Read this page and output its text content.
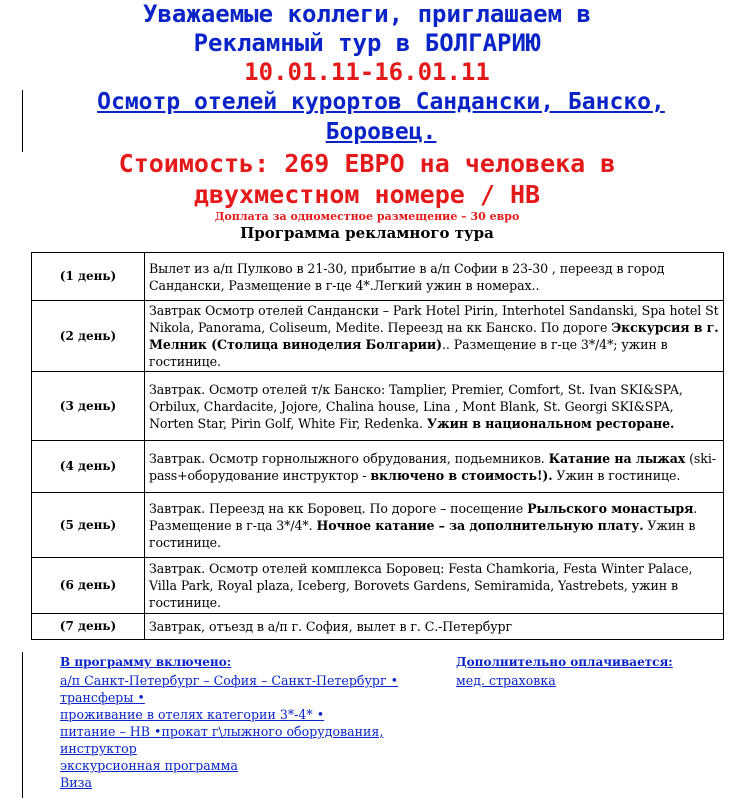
Уважаемые коллеги, приглашаем в
Рекламный тур в БОЛГАРИЮ
10.01.11-16.01.11
Осмотр отелей курортов Сандански, Банско,
Боровец.
Стоимость: 269 ЕВРО на человека в
двухместном номере / HB
Доплата за одноместное размещение – 30 евро
Программа рекламного тура
(1 день)	Вылет из а/п Пулково в 21-30, прибытие в а/п Софии в 23-30 , переезд в город Сандански, Размещение в г-це 4*.Легкий ужин в номерах..
(2 день)	Завтрак Осмотр отелей Сандански – Park Hotel Pirin, Interhotel Sandanski, Spa hotel St Nikola, Panorama, Coliseum, Medite. Переезд на кк Банско. По дороге Экскурсия в г. Мелник (Столица виноделия Болгарии).. Размещение в г-це 3*/4*; ужин в гостинице.
(3 день)	Завтрак. Осмотр отелей т/к Банско: Tamplier, Premier, Comfort, St. Ivan SKI&SPA, Orbilux, Chardacite, Jojore, Chalina house, Lina , Mont Blank, St. Georgi SKI&SPA, Norten Star, Pirin Golf, White Fir, Redenka. Ужин в национальном ресторане.
(4 день)	Завтрак. Осмотр горнолыжного обрудования, подьемников. Катание на лыжах (ski-pass+оборудование инструктор - включено в стоимость!). Ужин в гостинице.
(5 день)	Завтрак. Переезд на кк Боровец. По дороге – посещение Рыльского монастыря. Размещение в г-ца 3*/4*. Ночное катание – за дополнительную плату. Ужин в гостинице.
(6 день)	Завтрак. Осмотр отелей комплекса Боровец: Festa Chamkoria, Festa Winter Palace, Villa Park, Royal plaza, Iceberg, Borovets Gardens, Semiramida, Yastrebets, ужин в гостинице.
(7 день)	Завтрак, отъезд в а/п г. София, вылет в г. С.-Петербург
В программу включено:
а/п Санкт-Петербург – София – Санкт-Петербург •
трансферы •
проживание в отелях категории 3*-4* •
питание – HB •прокат г\лыжного оборудования, инструктор
экскурсионная программа
Виза
Дополнительно оплачивается:
мед. страховка
